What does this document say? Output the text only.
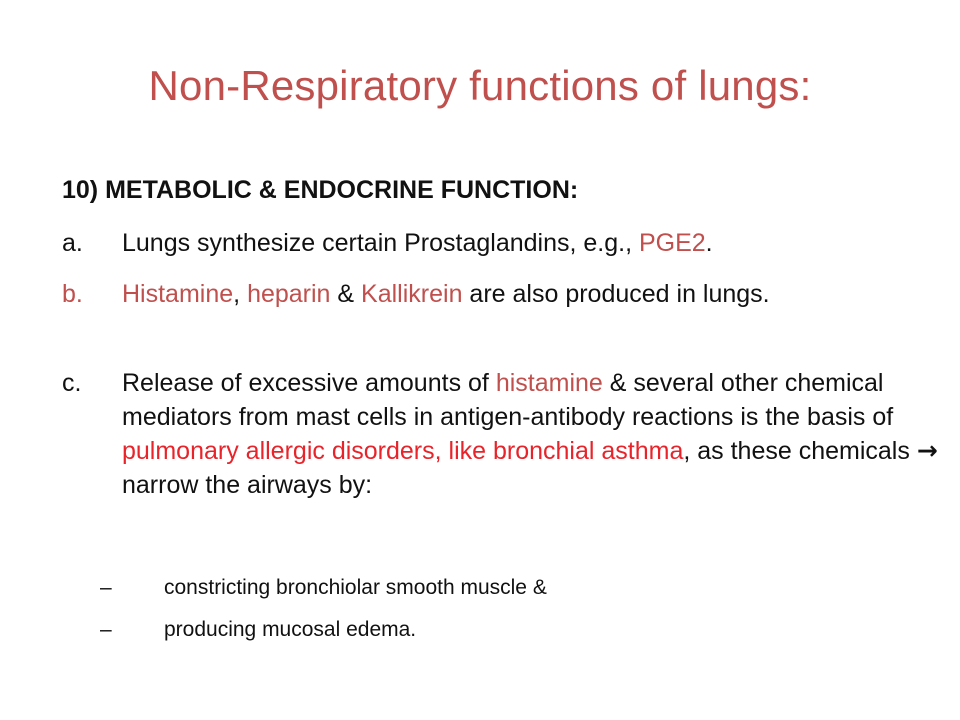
Non-Respiratory functions of lungs:
10) METABOLIC & ENDOCRINE FUNCTION:
a. Lungs synthesize certain Prostaglandins, e.g., PGE2.
b. Histamine, heparin & Kallikrein are also produced in lungs.
c. Release of excessive amounts of histamine & several other chemical mediators from mast cells in antigen-antibody reactions is the basis of pulmonary allergic disorders, like bronchial asthma, as these chemicals → narrow the airways by:
– constricting bronchiolar smooth muscle &
– producing mucosal edema.
